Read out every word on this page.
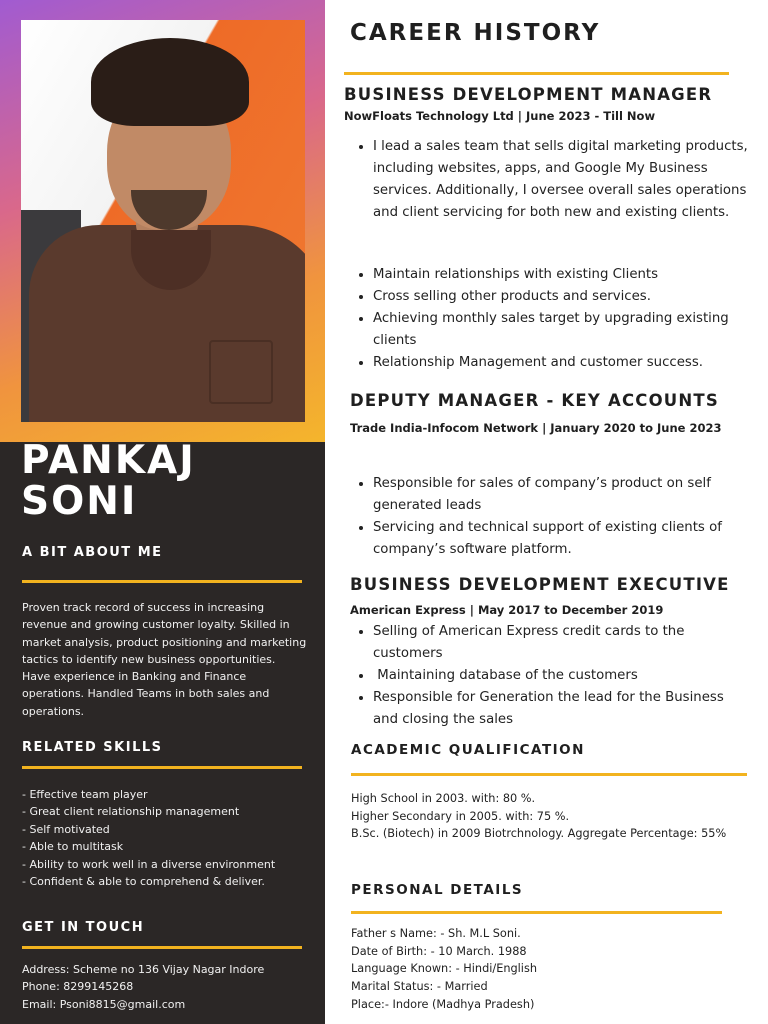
PANKAJ
SONI
A BIT ABOUT ME

Proven track record of success in increasing revenue and growing customer loyalty. Skilled in market analysis, product positioning and marketing tactics to identify new business opportunities. Have experience in Banking and Finance operations. Handled Teams in both sales and operations.

RELATED SKILLS
- Effective team player
- Great client relationship management
- Self motivated
- Able to multitask
- Ability to work well in a diverse environment
- Confident & able to comprehend & deliver.
GET IN TOUCH
Address: Scheme no 136 Vijay Nagar Indore
Phone: 8299145268
Email: Psoni8815@gmail.com
CAREER HISTORY
BUSINESS DEVELOPMENT MANAGER
NowFloats Technology Ltd | June 2023 - Till Now
• I lead a sales team that sells digital marketing products, including websites, apps, and Google My Business services. Additionally, I oversee overall sales operations and client servicing for both new and existing clients.
• Maintain relationships with existing Clients
• Cross selling other products and services.
• Achieving monthly sales target by upgrading existing clients
• Relationship Management and customer success.
DEPUTY MANAGER - KEY ACCOUNTS
Trade India-Infocom Network | January 2020 to June 2023
• Responsible for sales of company’s product on self generated leads
• Servicing and technical support of existing clients of company’s software platform.
BUSINESS DEVELOPMENT EXECUTIVE
American Express | May 2017 to December 2019
• Selling of American Express credit cards to the customers
•  Maintaining database of the customers
• Responsible for Generation the lead for the Business and closing the sales
ACADEMIC QUALIFICATION
High School in 2003. with: 80 %.
Higher Secondary in 2005. with: 75 %.
B.Sc. (Biotech) in 2009 Biotrchnology. Aggregate Percentage: 55%
PERSONAL DETAILS
Father s Name: - Sh. M.L Soni.
Date of Birth: - 10 March. 1988
Language Known: - Hindi/English
Marital Status: - Married
Place:- Indore (Madhya Pradesh)
